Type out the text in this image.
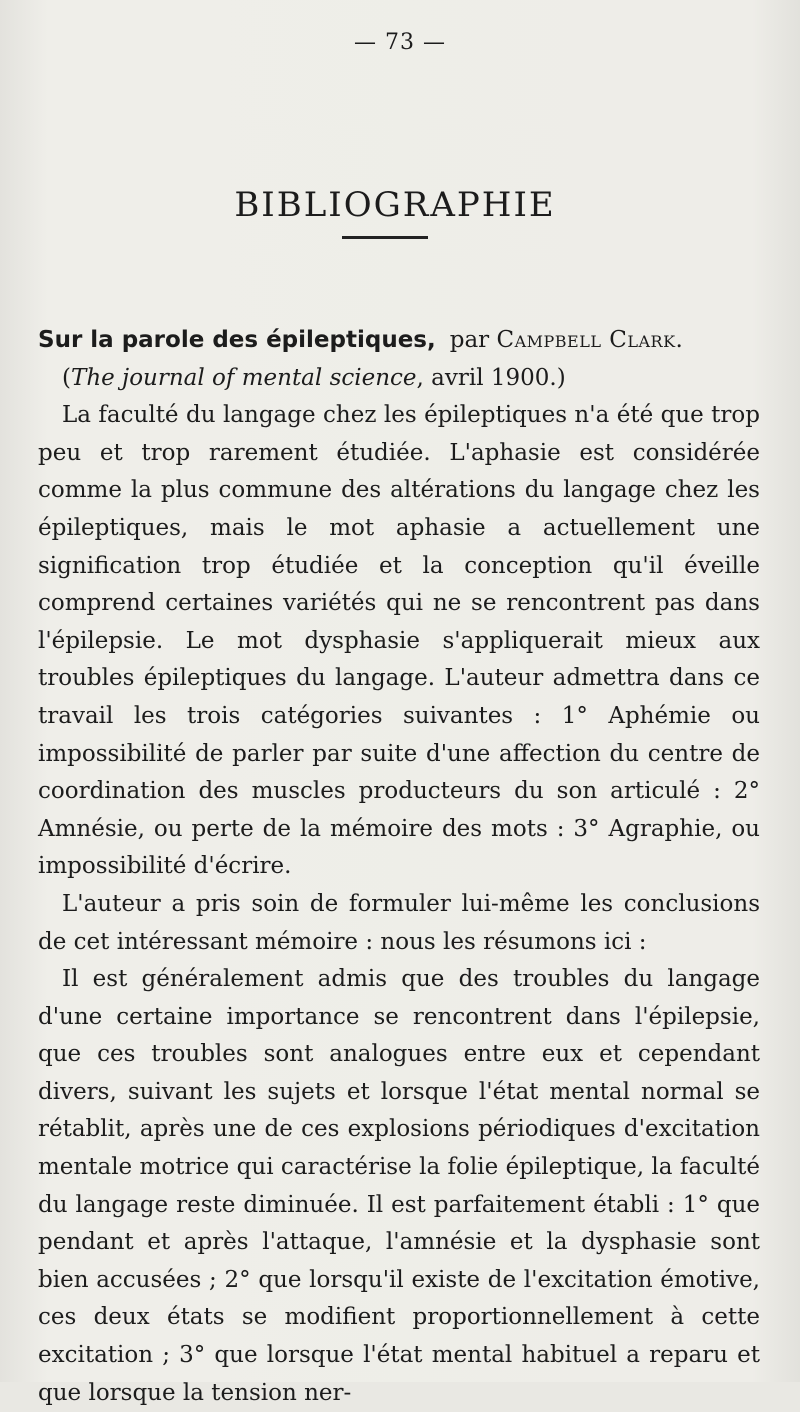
— 73 —
BIBLIOGRAPHIE

Sur la parole des épileptiques, par Campbell Clark.

(The journal of mental science, avril 1900.)

La faculté du langage chez les épileptiques n'a été que trop peu et trop rarement étudiée. L'aphasie est considérée comme la plus commune des altérations du langage chez les épileptiques, mais le mot aphasie a actuellement une signification trop étudiée et la conception qu'il éveille comprend certaines variétés qui ne se rencontrent pas dans l'épilepsie. Le mot dysphasie s'appliquerait mieux aux troubles épileptiques du langage. L'auteur admettra dans ce travail les trois catégories suivantes : 1° Aphémie ou impossibilité de parler par suite d'une affection du centre de coordination des muscles producteurs du son articulé : 2° Amnésie, ou perte de la mémoire des mots : 3° Agraphie, ou impossibilité d'écrire.

L'auteur a pris soin de formuler lui-même les conclusions de cet intéressant mémoire : nous les résumons ici :

Il est généralement admis que des troubles du langage d'une certaine importance se rencontrent dans l'épilepsie, que ces troubles sont analogues entre eux et cependant divers, suivant les sujets et lorsque l'état mental normal se rétablit, après une de ces explosions périodiques d'excitation mentale motrice qui caractérise la folie épileptique, la faculté du langage reste diminuée. Il est parfaitement établi : 1° que pendant et après l'attaque, l'amnésie et la dysphasie sont bien accusées ; 2° que lorsqu'il existe de l'excitation émotive, ces deux états se modifient proportionnellement à cette excitation ; 3° que lorsque l'état mental habituel a reparu et que lorsque la tension ner-
